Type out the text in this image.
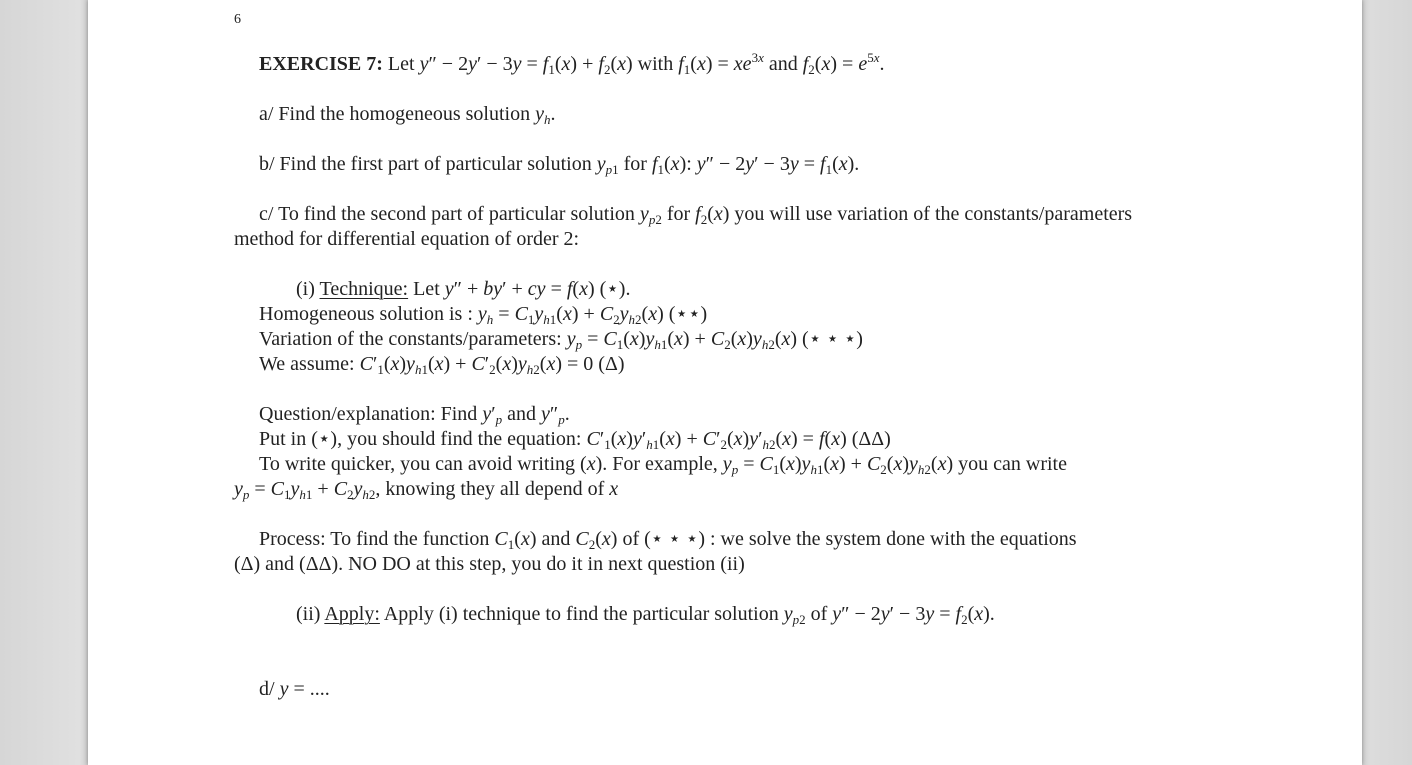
6
EXERCISE 7: Let $y'' - 2y' - 3y = f_1(x) + f_2(x)$ with $f_1(x) = xe^{3x}$ and $f_2(x) = e^{5x}$.
a/ Find the homogeneous solution $y_h$.
b/ Find the first part of particular solution $y_{p1}$ for $f_1(x)$: $y'' - 2y' - 3y = f_1(x)$.
c/ To find the second part of particular solution $y_{p2}$ for $f_2(x)$ you will use variation of the constants/parameters
method for differential equation of order 2:
(i) Technique: Let y″ + by′ + cy = f(x) (⋆).
Homogeneous solution is : $y_h = C_1y_{h1}(x) + C_2y_{h2}(x)$ (⋆⋆)
Variation of the constants/parameters: $y_p = C_1(x)y_{h1}(x) + C_2(x)y_{h2}(x)$ (⋆ ⋆ ⋆)
We assume: $C'_1(x)y_{h1}(x) + C'_2(x)y_{h2}(x) = 0$ (Δ)
Question/explanation: Find $y'_p$ and $y''_p$.
Put in (⋆), you should find the equation: $C'_1(x)y'_{h1}(x) + C'_2(x)y'_{h2}(x) = f(x)$ (ΔΔ)
To write quicker, you can avoid writing (x). For example, $y_p = C_1(x)y_{h1}(x) + C_2(x)y_{h2}(x)$ you can write
$y_p = C_1y_{h1} + C_2y_{h2}$, knowing they all depend of x
Process: To find the function $C_1(x)$ and $C_2(x)$ of (⋆ ⋆ ⋆) : we solve the system done with the equations
(Δ) and (ΔΔ). NO DO at this step, you do it in next question (ii)
(ii) Apply: Apply (i) technique to find the particular solution $y_{p2}$ of $y'' - 2y' - 3y = f_2(x)$.
d/ y = ....
